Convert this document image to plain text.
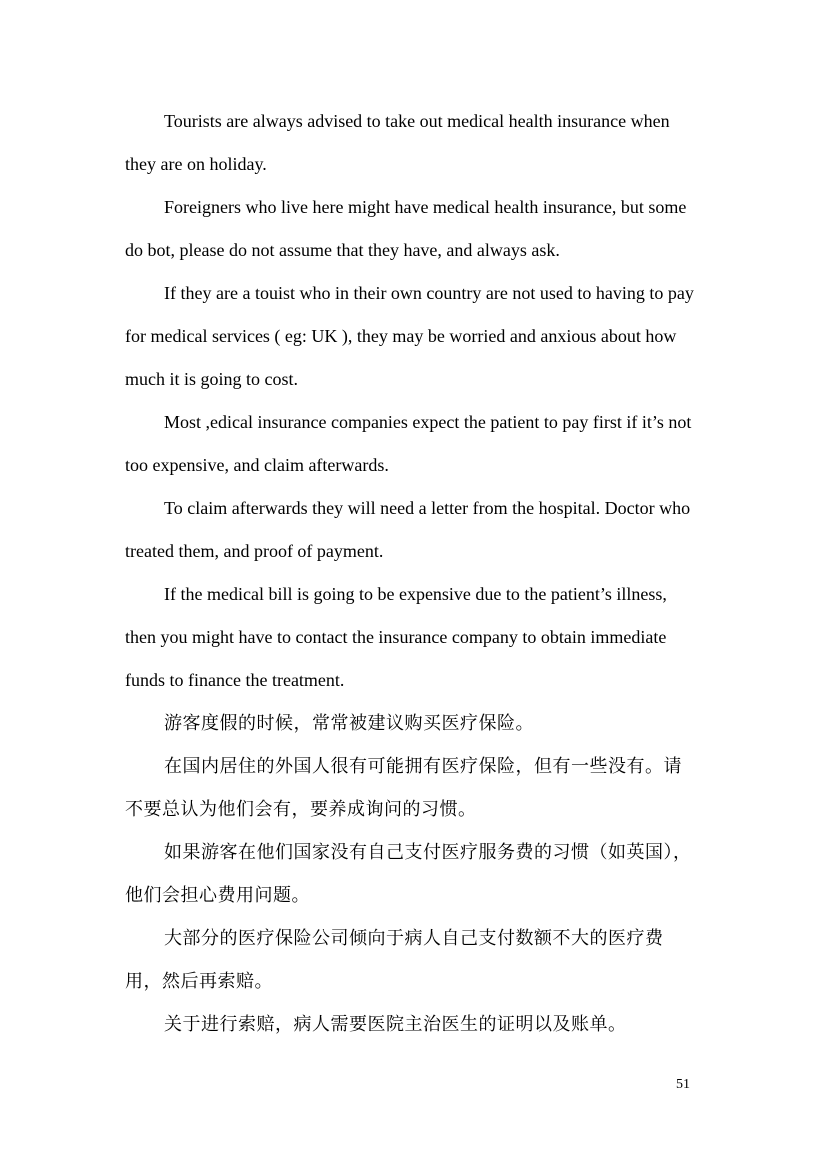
Tourists are always advised to take out medical health insurance when they are on holiday.

Foreigners who live here might have medical health insurance, but some do bot, please do not assume that they have, and always ask.

If they are a touist who in their own country are not used to having to pay for medical services ( eg: UK ), they may be worried and anxious about how much it is going to cost.

Most ,edical insurance companies expect the patient to pay first if it’s not too expensive, and claim afterwards.

To claim afterwards they will need a letter from the hospital. Doctor who treated them, and proof of payment.

If the medical bill is going to be expensive due to the patient’s illness, then you might have to contact the insurance company to obtain immediate funds to finance the treatment.

游客度假的时候，常常被建议购买医疗保险。

在国内居住的外国人很有可能拥有医疗保险，但有一些没有。请不要总认为他们会有，要养成询问的习惯。

如果游客在他们国家没有自己支付医疗服务费的习惯（如英国）， 他们会担心费用问题。

大部分的医疗保险公司倾向于病人自己支付数额不大的医疗费用，然后再索赔。

关于进行索赔，病人需要医院主治医生的证明以及账单。

51
